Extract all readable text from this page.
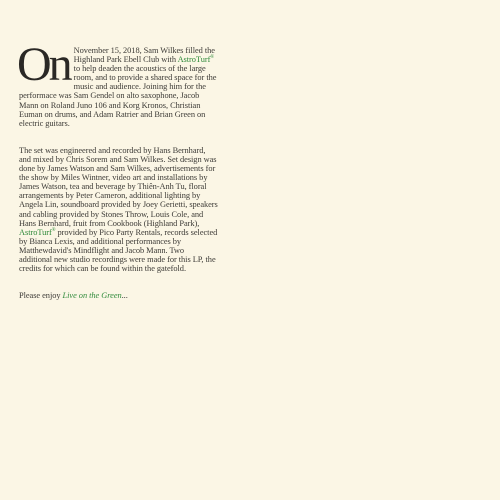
On November 15, 2018, Sam Wilkes filled the Highland Park Ebell Club with AstroTurf® to help deaden the acoustics of the large room, and to provide a shared space for the music and audience. Joining him for the performace was Sam Gendel on alto saxophone, Jacob Mann on Roland Juno 106 and Korg Kronos, Christian Euman on drums, and Adam Ratrier and Brian Green on electric guitars.

The set was engineered and recorded by Hans Bernhard, and mixed by Chris Sorem and Sam Wilkes. Set design was done by James Watson and Sam Wilkes, advertisements for the show by Miles Wintner, video art and installations by James Watson, tea and beverage by Thiên-Anh Tu, floral arrangements by Peter Cameron, additional lighting by Angela Lin, soundboard provided by Joey Gerietti, speakers and cabling provided by Stones Throw, Louis Cole, and Hans Bernhard, fruit from Cookbook (Highland Park), AstroTurf® provided by Pico Party Rentals, records selected by Bianca Lexis, and additional performances by Matthewdavid's Mindflight and Jacob Mann. Two additional new studio recordings were made for this LP, the credits for which can be found within the gatefold.

Please enjoy Live on the Green...
